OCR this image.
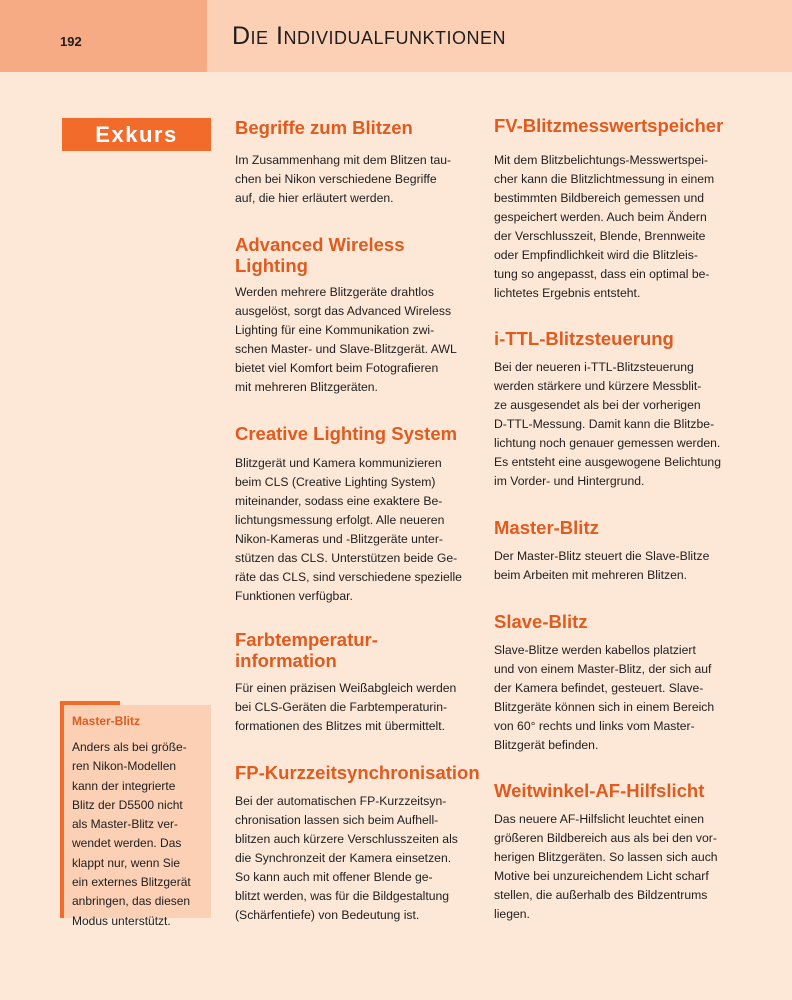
192	Die Individualfunktionen
Exkurs
Master-Blitz
Anders als bei größe-
ren Nikon-Modellen
kann der integrierte
Blitz der D5500 nicht
als Master-Blitz ver-
wendet werden. Das
klappt nur, wenn Sie
ein externes Blitzgerät
anbringen, das diesen
Modus unterstützt.
Begriffe zum Blitzen

Im Zusammenhang mit dem Blitzen tau-
chen bei Nikon verschiedene Begriffe
auf, die hier erläutert werden.

Advanced Wireless
Lighting

Werden mehrere Blitzgeräte drahtlos
ausgelöst, sorgt das Advanced Wireless
Lighting für eine Kommunikation zwi-
schen Master- und Slave-Blitzgerät. AWL
bietet viel Komfort beim Fotografieren
mit mehreren Blitzgeräten.

Creative Lighting System

Blitzgerät und Kamera kommunizieren
beim CLS (Creative Lighting System)
miteinander, sodass eine exaktere Be-
lichtungsmessung erfolgt. Alle neueren
Nikon-Kameras und -Blitzgeräte unter-
stützen das CLS. Unterstützen beide Ge-
räte das CLS, sind verschiedene spezielle
Funktionen verfügbar.

Farbtemperatur-
information

Für einen präzisen Weißabgleich werden
bei CLS-Geräten die Farbtemperaturin-
formationen des Blitzes mit übermittelt.

FP-Kurzzeitsynchronisation

Bei der automatischen FP-Kurzzeitsyn-
chronisation lassen sich beim Aufhell-
blitzen auch kürzere Verschlusszeiten als
die Synchronzeit der Kamera einsetzen.
So kann auch mit offener Blende ge-
blitzt werden, was für die Bildgestaltung
(Schärfentiefe) von Bedeutung ist.

FV-Blitzmesswertspeicher

Mit dem Blitzbelichtungs-Messwertspei-
cher kann die Blitzlichtmessung in einem
bestimmten Bildbereich gemessen und
gespeichert werden. Auch beim Ändern
der Verschlusszeit, Blende, Brennweite
oder Empfindlichkeit wird die Blitzleis-
tung so angepasst, dass ein optimal be-
lichtetes Ergebnis entsteht.

i-TTL-Blitzsteuerung

Bei der neueren i-TTL-Blitzsteuerung
werden stärkere und kürzere Messblit-
ze ausgesendet als bei der vorherigen
D-TTL-Messung. Damit kann die Blitzbe-
lichtung noch genauer gemessen werden.
Es entsteht eine ausgewogene Belichtung
im Vorder- und Hintergrund.

Master-Blitz

Der Master-Blitz steuert die Slave-Blitze
beim Arbeiten mit mehreren Blitzen.

Slave-Blitz

Slave-Blitze werden kabellos platziert
und von einem Master-Blitz, der sich auf
der Kamera befindet, gesteuert. Slave-
Blitzgeräte können sich in einem Bereich
von 60° rechts und links vom Master-
Blitzgerät befinden.

Weitwinkel-AF-Hilfslicht

Das neuere AF-Hilfslicht leuchtet einen
größeren Bildbereich aus als bei den vor-
herigen Blitzgeräten. So lassen sich auch
Motive bei unzureichendem Licht scharf
stellen, die außerhalb des Bildzentrums
liegen.
